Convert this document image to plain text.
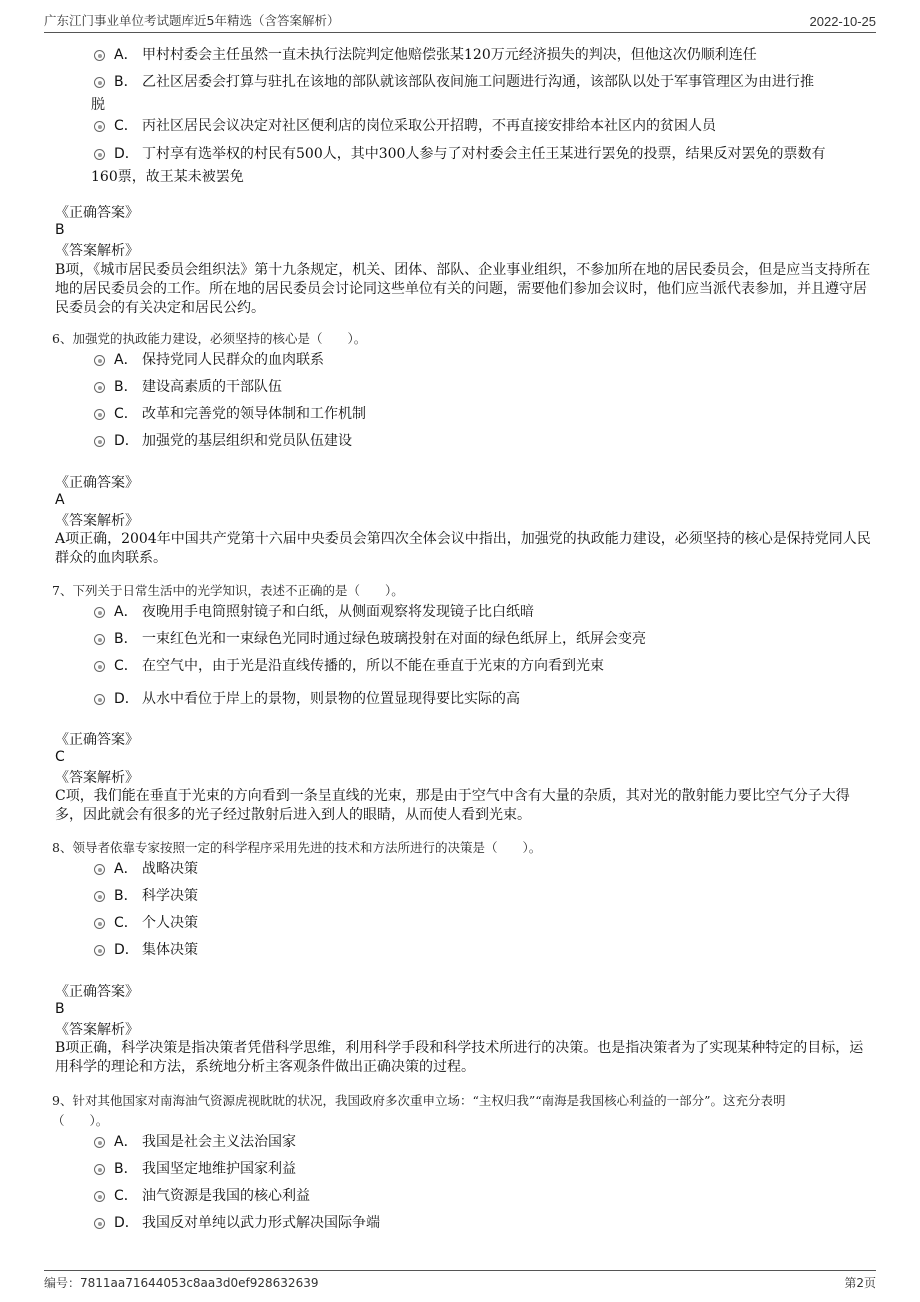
广东江门事业单位考试题库近5年精选（含答案解析）	2022-10-25
A． 甲村村委会主任虽然一直未执行法院判定他赔偿张某120万元经济损失的判决，但他这次仍顺利连任
B． 乙社区居委会打算与驻扎在该地的部队就该部队夜间施工问题进行沟通，该部队以处于军事管理区为由进行推
脱
C． 丙社区居民会议决定对社区便利店的岗位采取公开招聘，不再直接安排给本社区内的贫困人员
D． 丁村享有选举权的村民有500人，其中300人参与了对村委会主任王某进行罢免的投票，结果反对罢免的票数有
160票，故王某未被罢免
《正确答案》
B
《答案解析》
B项，《城市居民委员会组织法》第十九条规定，机关、团体、部队、企业事业组织，不参加所在地的居民委员会，但是应当支持所在地的居民委员会的工作。所在地的居民委员会讨论同这些单位有关的问题，需要他们参加会议时，他们应当派代表参加，并且遵守居民委员会的有关决定和居民公约。
6、加强党的执政能力建设，必须坚持的核心是（　　）。
A． 保持党同人民群众的血肉联系
B． 建设高素质的干部队伍
C． 改革和完善党的领导体制和工作机制
D． 加强党的基层组织和党员队伍建设
《正确答案》
A
《答案解析》
A项正确，2004年中国共产党第十六届中央委员会第四次全体会议中指出，加强党的执政能力建设，必须坚持的核心是保持党同人民群众的血肉联系。
7、下列关于日常生活中的光学知识，表述不正确的是（　　）。
A． 夜晚用手电筒照射镜子和白纸，从侧面观察将发现镜子比白纸暗
B． 一束红色光和一束绿色光同时通过绿色玻璃投射在对面的绿色纸屏上，纸屏会变亮
C． 在空气中，由于光是沿直线传播的，所以不能在垂直于光束的方向看到光束
D． 从水中看位于岸上的景物，则景物的位置显现得要比实际的高
《正确答案》
C
《答案解析》
C项，我们能在垂直于光束的方向看到一条呈直线的光束，那是由于空气中含有大量的杂质，其对光的散射能力要比空气分子大得多，因此就会有很多的光子经过散射后进入到人的眼睛，从而使人看到光束。
8、领导者依靠专家按照一定的科学程序采用先进的技术和方法所进行的决策是（　　）。
A． 战略决策
B． 科学决策
C． 个人决策
D． 集体决策
《正确答案》
B
《答案解析》
B项正确，科学决策是指决策者凭借科学思维，利用科学手段和科学技术所进行的决策。也是指决策者为了实现某种特定的目标，运用科学的理论和方法，系统地分析主客观条件做出正确决策的过程。
9、针对其他国家对南海油气资源虎视眈眈的状况，我国政府多次重申立场：“主权归我”“南海是我国核心利益的一部分”。这充分表明（　　）。
A． 我国是社会主义法治国家
B． 我国坚定地维护国家利益
C． 油气资源是我国的核心利益
D． 我国反对单纯以武力形式解决国际争端
编号：7811aa71644053c8aa3d0ef928632639	第2页
